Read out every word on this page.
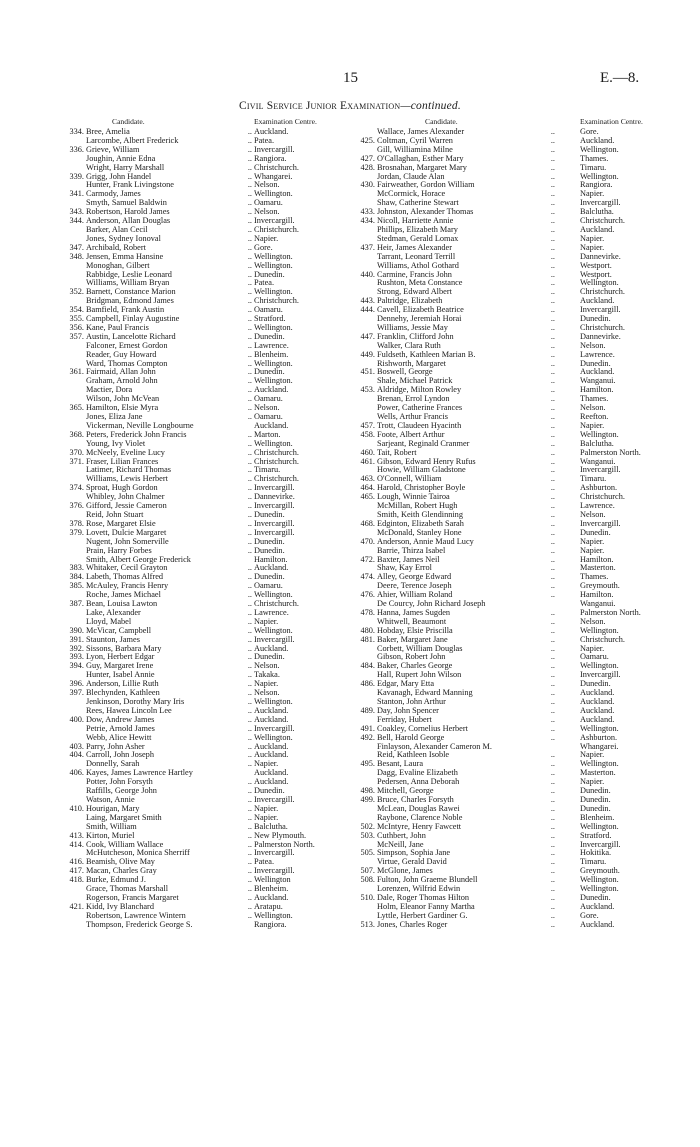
15	E.—8.
Civil Service Junior Examination—continued.
Candidate.	Examination Centre.
334. Bree, Amelia	.. Auckland.
Larcombe, Albert Frederick	.. Patea.
336. Grieve, William	.. Invercargill.
Joughin, Annie Edna	.. Rangiora.
Wright, Harry Marshall	.. Christchurch.
339. Grigg, John Handel	.. Whangarei.
Hunter, Frank Livingstone	.. Nelson.
341. Carmody, James	.. Wellington.
Smyth, Samuel Baldwin	.. Oamaru.
343. Robertson, Harold James	.. Nelson.
344. Anderson, Allan Douglas	.. Invercargill.
Barker, Alan Cecil	.. Christchurch.
Jones, Sydney Ionoval	.. Napier.
347. Archibald, Robert	.. Gore.
348. Jensen, Emma Hansine	.. Wellington.
Monoghan, Gilbert	.. Wellington.
Rabbidge, Leslie Leonard	.. Dunedin.
Williams, William Bryan	.. Patea.
352. Barnett, Constance Marion	.. Wellington.
Bridgman, Edmond James	.. Christchurch.
354. Bamfield, Frank Austin	.. Oamaru.
355. Campbell, Finlay Augustine	.. Stratford.
356. Kane, Paul Francis	.. Wellington.
357. Austin, Lancelotte Richard	.. Dunedin.
Falconer, Ernest Gordon	.. Lawrence.
Reader, Guy Howard	.. Blenheim.
Ward, Thomas Compton	.. Wellington.
361. Fairmaid, Allan John	.. Dunedin.
Graham, Arnold John	.. Wellington.
Mactier, Dora	.. Auckland.
Wilson, John McVean	.. Oamaru.
365. Hamilton, Elsie Myra	.. Nelson.
Jones, Eliza Jane	.. Oamaru.
Vickerman, Neville Longbourne	Auckland.
368. Peters, Frederick John Francis	.. Marton.
Young, Ivy Violet	.. Wellington.
370. McNeely, Eveline Lucy	.. Christchurch.
371. Fraser, Lilian Frances	.. Christchurch.
Latimer, Richard Thomas	.. Timaru.
Williams, Lewis Herbert	.. Christchurch.
374. Sproat, Hugh Gordon	.. Invercargill.
Whibley, John Chalmer	.. Dannevirke.
376. Gifford, Jessie Cameron	.. Invercargill.
Reid, John Stuart	.. Dunedin.
378. Rose, Margaret Elsie	.. Invercargill.
379. Lovett, Dulcie Margaret	.. Invercargill.
Nugent, John Somerville	.. Dunedin.
Prain, Harry Forbes	.. Dunedin.
Smith, Albert George Frederick	Hamilton.
383. Whitaker, Cecil Grayton	.. Auckland.
384. Labeth, Thomas Alfred	.. Dunedin.
385. McAuley, Francis Henry	.. Oamaru.
Roche, James Michael	.. Wellington.
387. Bean, Louisa Lawton	.. Christchurch.
Lake, Alexander	.. Lawrence.
Lloyd, Mabel	.. Napier.
390. McVicar, Campbell	.. Wellington.
391. Staunton, James	.. Invercargill.
392. Sissons, Barbara Mary	.. Auckland.
393. Lyon, Herbert Edgar	.. Dunedin.
394. Guy, Margaret Irene	.. Nelson.
Hunter, Isabel Annie	.. Takaka.
396. Anderson, Lillie Ruth	.. Napier.
397. Blechynden, Kathleen	.. Nelson.
Jenkinson, Dorothy Mary Iris	.. Wellington.
Rees, Hawea Lincoln Lee	.. Auckland.
400. Dow, Andrew James	.. Auckland.
Petrie, Arnold James	.. Invercargill.
Webb, Alice Hewitt	.. Wellington.
403. Parry, John Asher	.. Auckland.
404. Carroll, John Joseph	.. Auckland.
Donnelly, Sarah	.. Napier.
406. Kayes, James Lawrence Hartley	Auckland.
Potter, John Forsyth	.. Auckland.
Raffills, George John	.. Dunedin.
Watson, Annie	.. Invercargill.
410. Hourigan, Mary	.. Napier.
Laing, Margaret Smith	.. Napier.
Smith, William	.. Balclutha.
413. Kirton, Muriel	.. New Plymouth.
414. Cook, William Wallace	.. Palmerston North.
McHutcheson, Monica Sherriff	.. Invercargill.
416. Beamish, Olive May	.. Patea.
417. Macan, Charles Gray	.. Invercargill.
418. Burke, Edmund J.	.. Wellington
Grace, Thomas Marshall	.. Blenheim.
Rogerson, Francis Margaret	.. Auckland.
421. Kidd, Ivy Blanchard	.. Aratapu.
Robertson, Lawrence Wintern	.. Wellington.
Thompson, Frederick George S.	Rangiora.
Candidate.	Examination Centre.
Wallace, James Alexander	..	Gore.
425. Coltman, Cyril Warren	..	Auckland.
Gill, Williamina Milne	..	Wellington.
427. O'Callaghan, Esther Mary	..	Thames.
428. Brosnahan, Margaret Mary	..	Timaru.
Jordan, Claude Alan	..	Wellington.
430. Fairweather, Gordon William	..	Rangiora.
McCormick, Horace	..	Napier.
Shaw, Catherine Stewart	..	Invercargill.
433. Johnston, Alexander Thomas	..	Balclutha.
434. Nicoll, Harriette Annie	..	Christchurch.
Phillips, Elizabeth Mary	..	Auckland.
Stedman, Gerald Lomax	..	Napier.
437. Heir, James Alexander	..	Napier.
Tarrant, Leonard Terrill	..	Dannevirke.
Williams, Athol Gothard	..	Westport.
440. Carmine, Francis John	..	Westport.
Rushton, Meta Constance	..	Wellington.
Strong, Edward Albert	..	Christchurch.
443. Paltridge, Elizabeth	..	Auckland.
444. Cavell, Elizabeth Beatrice	..	Invercargill.
Dennehy, Jeremiah Horai	..	Dunedin.
Williams, Jessie May	..	Christchurch.
447. Franklin, Clifford John	..	Dannevirke.
Walker, Clara Ruth	..	Nelson.
449. Fuldseth, Kathleen Marian B.	..	Lawrence.
Rishworth, Margaret	..	Dunedin.
451. Boswell, George	..	Auckland.
Shale, Michael Patrick	..	Wanganui.
453. Aldridge, Milton Rowley	..	Hamilton.
Brenan, Errol Lyndon	..	Thames.
Power, Catherine Frances	..	Nelson.
Wells, Arthur Francis	..	Reefton.
457. Trott, Claudeen Hyacinth	..	Napier.
458. Foote, Albert Arthur	..	Wellington.
Sarjeant, Reginald Cranmer	..	Balclutha.
460. Tait, Robert	..	Palmerston North.
461. Gibson, Edward Henry Rufus	..	Wanganui.
Howie, William Gladstone	..	Invercargill.
463. O'Connell, William	..	Timaru.
464. Harold, Christopher Boyle	..	Ashburton.
465. Lough, Winnie Tairoa	..	Christchurch.
McMillan, Robert Hugh	..	Lawrence.
Smith, Keith Glendinning	..	Nelson.
468. Edginton, Elizabeth Sarah	..	Invercargill.
McDonald, Stanley Hone	..	Dunedin.
470. Anderson, Annie Maud Lucy	..	Napier.
Barrie, Thirza Isabel	..	Napier.
472. Baxter, James Neil	..	Hamilton.
Shaw, Kay Errol	..	Masterton.
474. Alley, George Edward	..	Thames.
Deere, Terence Joseph	..	Greymouth.
476. Ahier, William Roland	..	Hamilton.
De Courcy, John Richard Joseph	Wanganui.
478. Hanna, James Sugden	..	Palmerston North.
Whitwell, Beaumont	..	Nelson.
480. Hobday, Elsie Priscilla	..	Wellington.
481. Baker, Margaret Jane	..	Christchurch.
Corbett, William Douglas	..	Napier.
Gibson, Robert John	..	Oamaru.
484. Baker, Charles George	..	Wellington.
Hall, Rupert John Wilson	..	Invercargill.
486. Edgar, Mary Etta	..	Dunedin.
Kavanagh, Edward Manning	..	Auckland.
Stanton, John Arthur	..	Auckland.
489. Day, John Spencer	..	Auckland.
Ferriday, Hubert	..	Auckland.
491. Coakley, Cornelius Herbert	..	Wellington.
492. Bell, Harold George	..	Ashburton.
Finlayson, Alexander Cameron M.	Whangarei.
Reid, Kathleen Isoble	..	Napier.
495. Besant, Laura	..	Wellington.
Dagg, Evaline Elizabeth	..	Masterton.
Pedersen, Anna Deborah	..	Napier.
498. Mitchell, George	..	Dunedin.
499. Bruce, Charles Forsyth	..	Dunedin.
McLean, Douglas Rawei	..	Dunedin.
Raybone, Clarence Noble	..	Blenheim.
502. McIntyre, Henry Fawcett	..	Wellington.
503. Cuthbert, John	..	Stratford.
McNeill, Jane	..	Invercargill.
505. Simpson, Sophia Jane	..	Hokitika.
Virtue, Gerald David	..	Timaru.
507. McGlone, James	..	Greymouth.
508. Fulton, John Graeme Blundell	..	Wellington.
Lorenzen, Wilfrid Edwin	..	Wellington.
510. Dale, Roger Thomas Hilton	..	Dunedin.
Holm, Eleanor Fanny Martha	..	Auckland.
Lyttle, Herbert Gardiner G.	..	Gore.
513. Jones, Charles Roger	..	Auckland.
